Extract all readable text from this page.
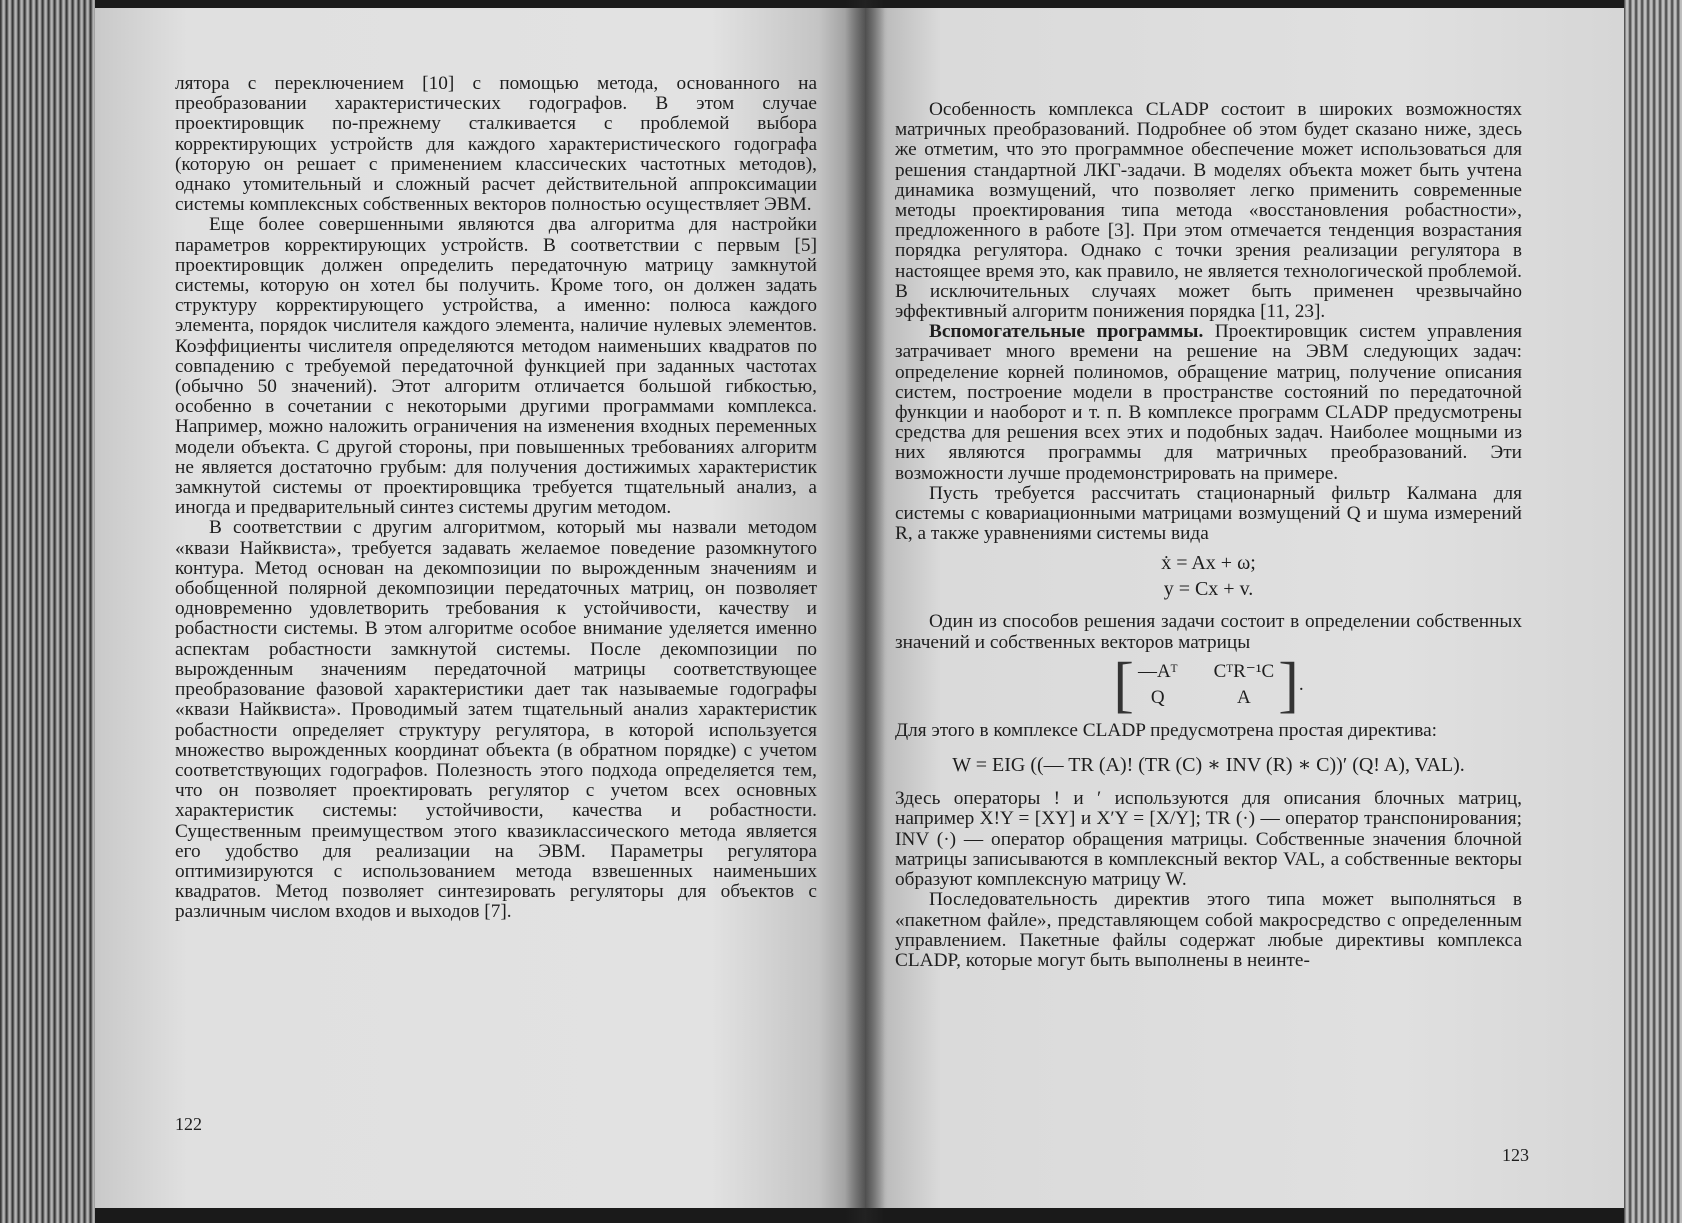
лятора с переключением [10] с помощью метода, основанного на преобразовании характеристических годографов. В этом случае проектировщик по-прежнему сталкивается с проблемой выбора корректирующих устройств для каждого характеристического годографа (которую он решает с применением классических частотных методов), однако утомительный и сложный расчет действительной аппроксимации системы комплексных собственных векторов полностью осуществляет ЭВМ.

Еще более совершенными являются два алгоритма для настройки параметров корректирующих устройств. В соответствии с первым [5] проектировщик должен определить передаточную матрицу замкнутой системы, которую он хотел бы получить. Кроме того, он должен задать структуру корректирующего устройства, а именно: полюса каждого элемента, порядок числителя каждого элемента, наличие нулевых элементов. Коэффициенты числителя определяются методом наименьших квадратов по совпадению с требуемой передаточной функцией при заданных частотах (обычно 50 значений). Этот алгоритм отличается большой гибкостью, особенно в сочетании с некоторыми другими программами комплекса. Например, можно наложить ограничения на изменения входных переменных модели объекта. С другой стороны, при повышенных требованиях алгоритм не является достаточно грубым: для получения достижимых характеристик замкнутой системы от проектировщика требуется тщательный анализ, а иногда и предварительный синтез системы другим методом.

В соответствии с другим алгоритмом, который мы назвали методом «квази Найквиста», требуется задавать желаемое поведение разомкнутого контура. Метод основан на декомпозиции по вырожденным значениям и обобщенной полярной декомпозиции передаточных матриц, он позволяет одновременно удовлетворить требования к устойчивости, качеству и робастности системы. В этом алгоритме особое внимание уделяется именно аспектам робастности замкнутой системы. После декомпозиции по вырожденным значениям передаточной матрицы соответствующее преобразование фазовой характеристики дает так называемые годографы «квази Найквиста». Проводимый затем тщательный анализ характеристик робастности определяет структуру регулятора, в которой используется множество вырожденных координат объекта (в обратном порядке) с учетом соответствующих годографов. Полезность этого подхода определяется тем, что он позволяет проектировать регулятор с учетом всех основных характеристик системы: устойчивости, качества и робастности. Существенным преимуществом этого квазиклассического метода является его удобство для реализации на ЭВМ. Параметры регулятора оптимизируются с использованием метода взвешенных наименьших квадратов. Метод позволяет синтезировать регуляторы для объектов с различным числом входов и выходов [7].

122

Особенность комплекса CLADP состоит в широких возможностях матричных преобразований. Подробнее об этом будет сказано ниже, здесь же отметим, что это программное обеспечение может использоваться для решения стандартной ЛКГ-задачи. В моделях объекта может быть учтена динамика возмущений, что позволяет легко применить современные методы проектирования типа метода «восстановления робастности», предложенного в работе [3]. При этом отмечается тенденция возрастания порядка регулятора. Однако с точки зрения реализации регулятора в настоящее время это, как правило, не является технологической проблемой. В исключительных случаях может быть применен чрезвычайно эффективный алгоритм понижения порядка [11, 23].

Вспомогательные программы. Проектировщик систем управления затрачивает много времени на решение на ЭВМ следующих задач: определение корней полиномов, обращение матриц, получение описания систем, построение модели в пространстве состояний по передаточной функции и наоборот и т. п. В комплексе программ CLADP предусмотрены средства для решения всех этих и подобных задач. Наиболее мощными из них являются программы для матричных преобразований. Эти возможности лучше продемонстрировать на примере.

Пусть требуется рассчитать стационарный фильтр Калмана для системы с ковариационными матрицами возмущений Q и шума измерений R, а также уравнениями системы вида

ẋ = Ax + ω;
y = Cx + v.

Один из способов решения задачи состоит в определении собственных значений и собственных векторов матрицы

[ —Aᵀ CᵀR⁻¹C
Q	A ] .

Для этого в комплексе CLADP предусмотрена простая директива:

W = EIG ((— TR (A)! (TR (C) ∗ INV (R) ∗ C))′ (Q! A), VAL).

Здесь операторы ! и ′ используются для описания блочных матриц, например X!Y = [XY] и X′Y = [X/Y]; TR (·) — оператор транспонирования; INV (·) — оператор обращения матрицы. Собственные значения блочной матрицы записываются в комплексный вектор VAL, а собственные векторы образуют комплексную матрицу W.

Последовательность директив этого типа может выполняться в «пакетном файле», представляющем собой макросредство с определенным управлением. Пакетные файлы содержат любые директивы комплекса CLADP, которые могут быть выполнены в неинте-

123
